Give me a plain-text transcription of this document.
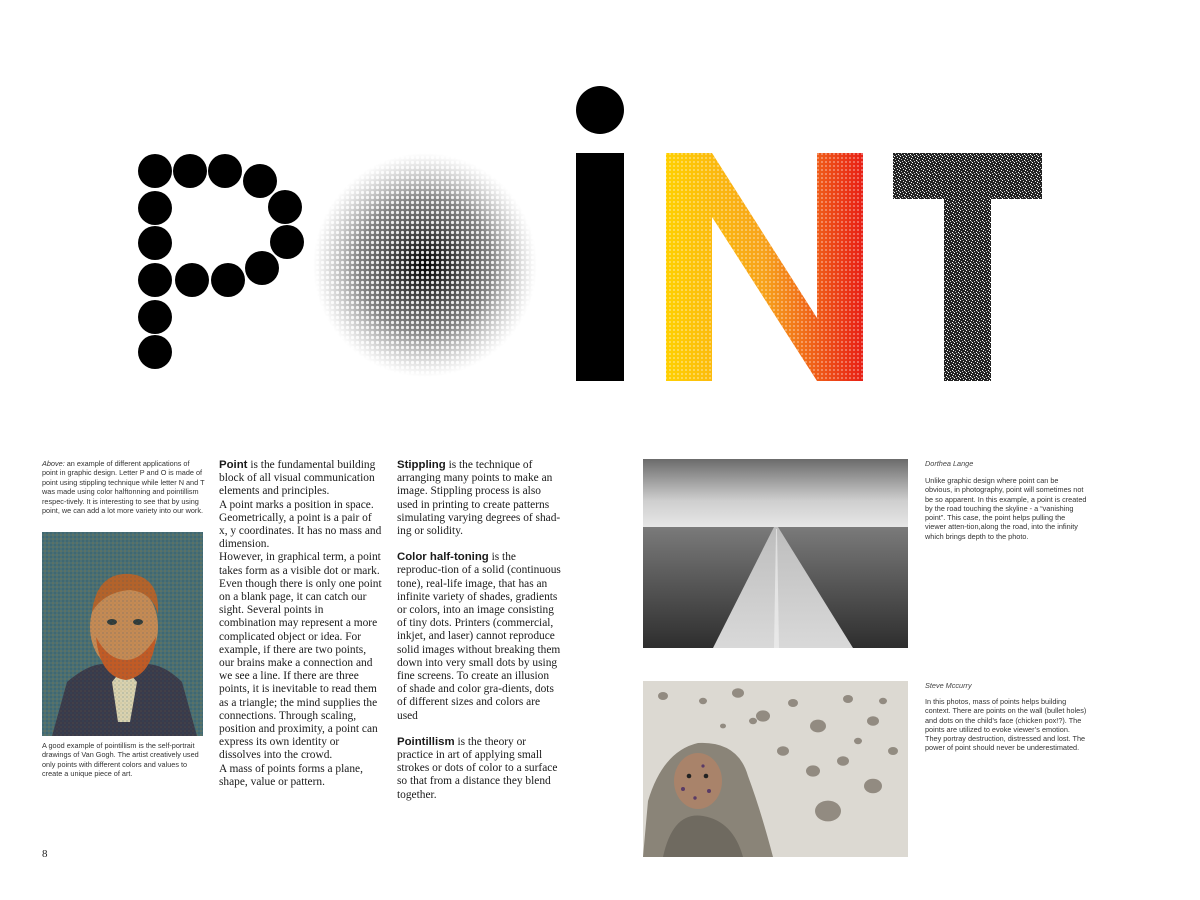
Above: an example of different applications of point in graphic design. Letter P and O is made of point using stippling technique while letter N and T was made using color halftonning and pointillism respec-tively. It is interesting to see that by using point, we can add a lot more variety into our work.
A good example of pointillism is the self-portrait drawings of Van Gogh. The artist creatively used only points with different colors and values to create a unique piece of art.
8

Point is the fundamental building block of all visual communication elements and principles.

A point marks a position in space. Geometrically, a point is a pair of x, y coordinates. It has no mass and dimension.

However, in graphical term, a point takes form as a visible dot or mark. Even though there is only one point on a blank page, it can catch our sight. Several points in combination may represent a more complicated object or idea. For example, if there are two points, our brains make a connection and we see a line. If there are three points, it is inevitable to read them as a triangle; the mind supplies the connections. Through scaling, position and proximity, a point can express its own identity or dissolves into the crowd.

A mass of points forms a plane, shape, value or pattern.

Stippling is the technique of arranging many points to make an image. Stippling process is also used in printing to create patterns simulating varying degrees of shad-ing or solidity.

Color half-toning is the reproduc-tion of a solid (continuous tone), real-life image, that has an infinite variety of shades, gradients or colors, into an image consisting of tiny dots. Printers (commercial, inkjet, and laser) cannot reproduce solid images without breaking them down into very small dots by using fine screens. To create an illusion of shade and color gra-dients, dots of different sizes and colors are used

Pointillism is the theory or practice in art of applying small strokes or dots of color to a surface so that from a distance they blend together.

Dorthea Lange
Unlike graphic design where point can be obvious, in photography, point will sometimes not be so apparent. In this example, a point is created by the road touching the skyline - a “vanishing point”. This case, the point helps pulling the viewer atten-tion,along the road, into the infinity which brings depth to the photo.
Steve Mccurry
In this photos, mass of points helps building context. There are points on the wall (bullet holes) and dots on the child’s face (chicken pox!?). The points are utilized to evoke viewer’s emotion. They portray destruction, distressed and lost. The power of point should never be underestimated.
